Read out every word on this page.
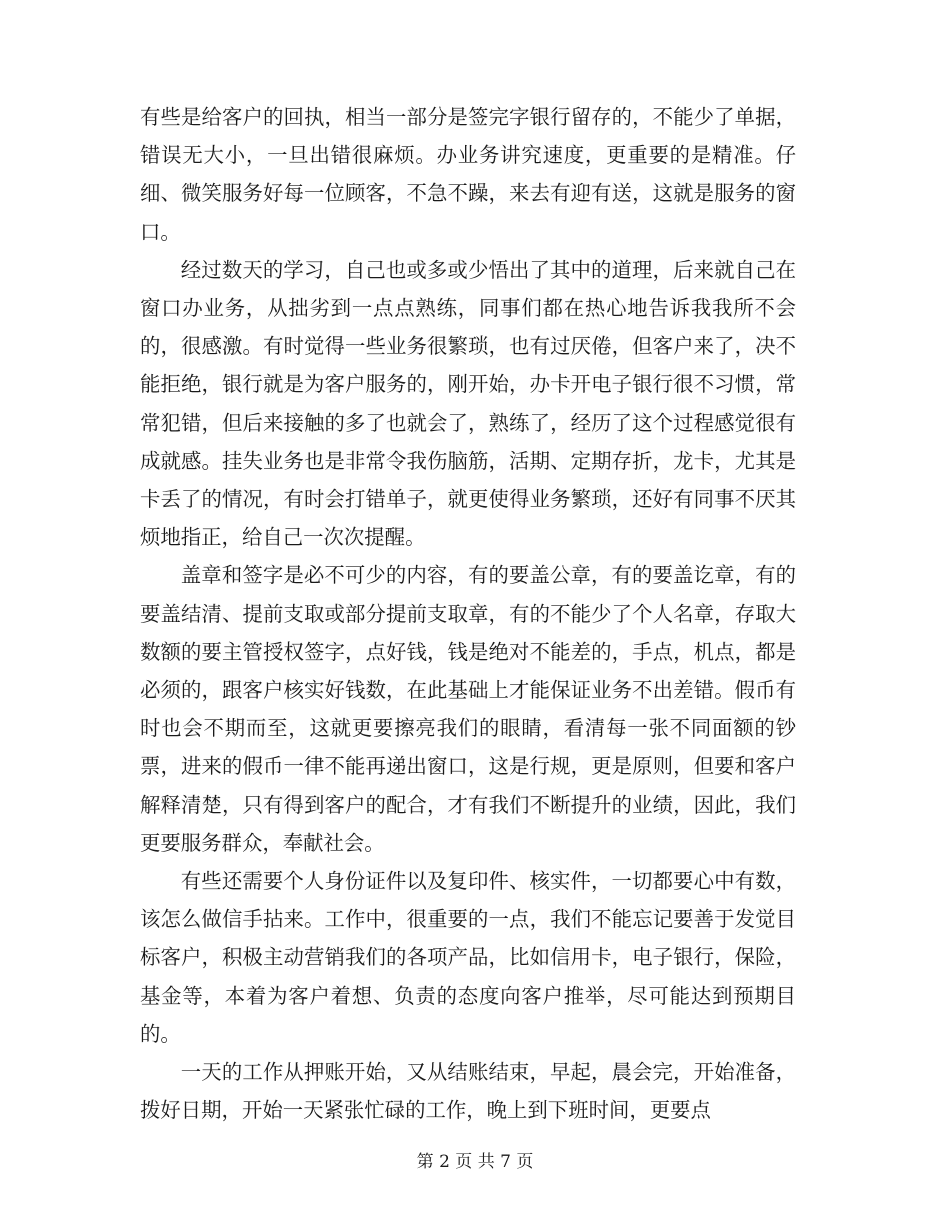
有些是给客户的回执，相当一部分是签完字银行留存的，不能少了单据，错误无大小，一旦出错很麻烦。办业务讲究速度，更重要的是精准。仔细、微笑服务好每一位顾客，不急不躁，来去有迎有送，这就是服务的窗口。

经过数天的学习，自己也或多或少悟出了其中的道理，后来就自己在窗口办业务，从拙劣到一点点熟练，同事们都在热心地告诉我我所不会的，很感激。有时觉得一些业务很繁琐，也有过厌倦，但客户来了，决不能拒绝，银行就是为客户服务的，刚开始，办卡开电子银行很不习惯，常常犯错，但后来接触的多了也就会了，熟练了，经历了这个过程感觉很有成就感。挂失业务也是非常令我伤脑筋，活期、定期存折，龙卡，尤其是卡丢了的情况，有时会打错单子，就更使得业务繁琐，还好有同事不厌其烦地指正，给自己一次次提醒。

盖章和签字是必不可少的内容，有的要盖公章，有的要盖讫章，有的要盖结清、提前支取或部分提前支取章，有的不能少了个人名章，存取大数额的要主管授权签字，点好钱，钱是绝对不能差的，手点，机点，都是必须的，跟客户核实好钱数，在此基础上才能保证业务不出差错。假币有时也会不期而至，这就更要擦亮我们的眼睛，看清每一张不同面额的钞票，进来的假币一律不能再递出窗口，这是行规，更是原则，但要和客户解释清楚，只有得到客户的配合，才有我们不断提升的业绩，因此，我们更要服务群众，奉献社会。

有些还需要个人身份证件以及复印件、核实件，一切都要心中有数，该怎么做信手拈来。工作中，很重要的一点，我们不能忘记要善于发觉目标客户，积极主动营销我们的各项产品，比如信用卡，电子银行，保险，基金等，本着为客户着想、负责的态度向客户推举，尽可能达到预期目的。

一天的工作从押账开始，又从结账结束，早起，晨会完，开始准备，拨好日期，开始一天紧张忙碌的工作，晚上到下班时间，更要点

第 2 页 共 7 页
